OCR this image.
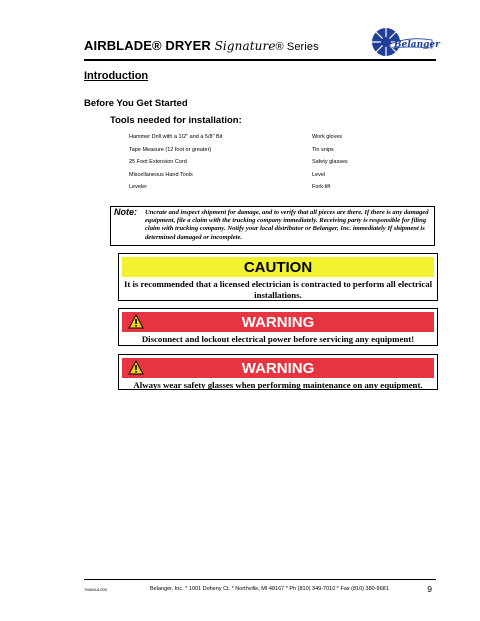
AIRBLADE® DRYER Signature® Series	Belanger
Introduction
Before You Get Started
Tools needed for installation:
Hammer Drill with a 1/2" and a 5/8" Bit	Work gloves
Tape Measure (12 foot or greater)	Tin snips
25 Foot Extension Cord	Safety glasses
Miscellaneous Hand Tools	Level
Leveler	Fork-lift
Note: Uncrate and inspect shipment for damage, and to verify that all pieces are there. If there is any damaged equipment, file a claim with the trucking company immediately. Receiving party is responsible for filing claim with trucking company. Notify your local distributor or Belanger, Inc. immediately If shipment is determined damaged or incomplete.
CAUTION
It is recommended that a licensed electrician is contracted to perform all electrical installations.
WARNING
Disconnect and lockout electrical power before servicing any equipment!
WARNING
Always wear safety glasses when performing maintenance on any equipment.
7MANUL009	Belanger, Inc. * 1001 Doheny Ct. * Northville, MI 48167 * Ph (810) 349-7010 * Fax (810) 380-9681	9
